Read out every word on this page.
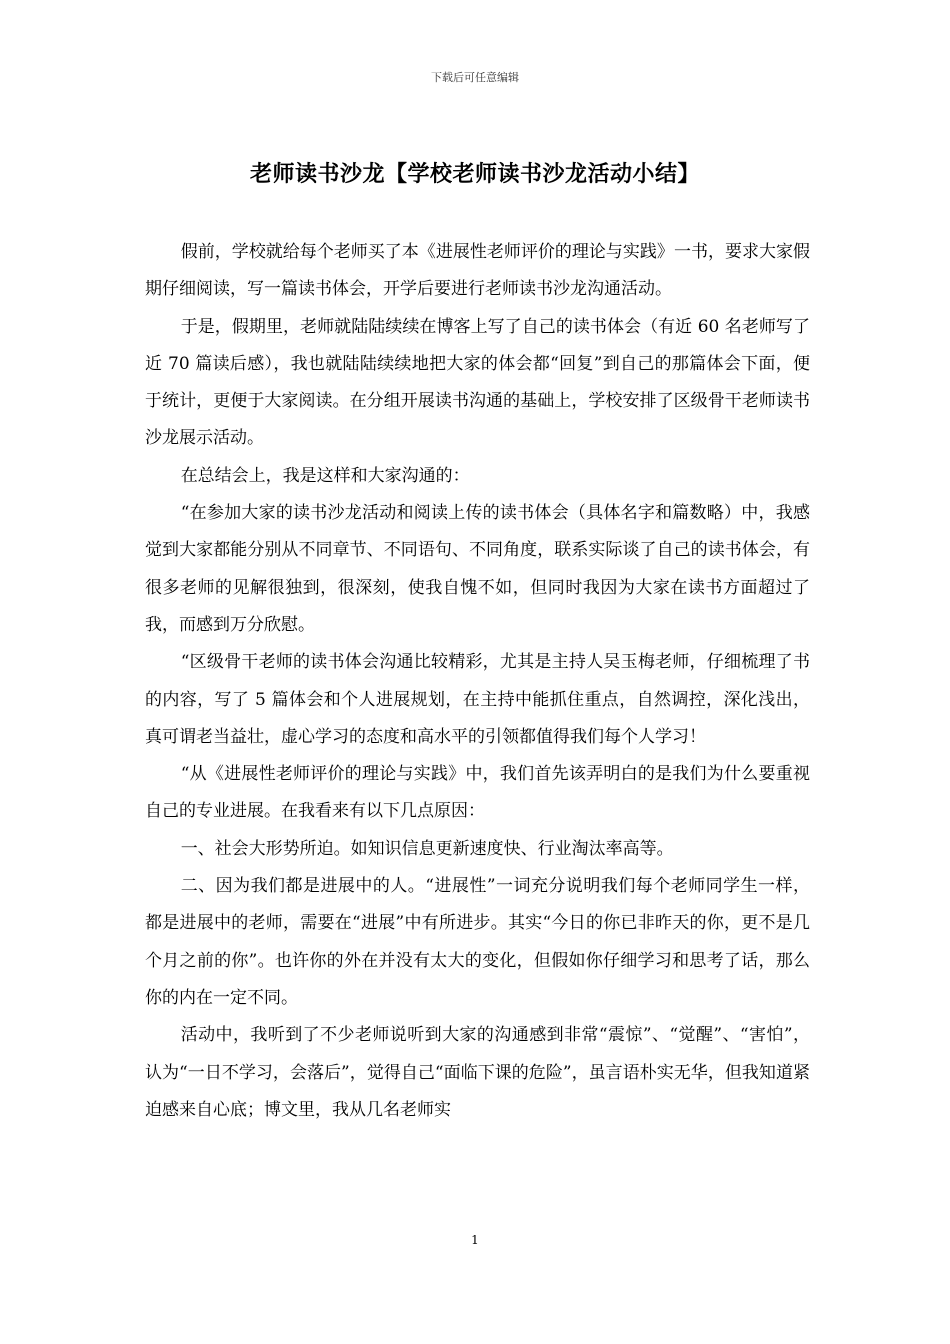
下载后可任意编辑
老师读书沙龙【学校老师读书沙龙活动小结】

假前，学校就给每个老师买了本《进展性老师评价的理论与实践》一书，要求大家假期仔细阅读，写一篇读书体会，开学后要进行老师读书沙龙沟通活动。

于是，假期里，老师就陆陆续续在博客上写了自己的读书体会（有近 60 名老师写了近 70 篇读后感），我也就陆陆续续地把大家的体会都“回复”到自己的那篇体会下面，便于统计，更便于大家阅读。在分组开展读书沟通的基础上，学校安排了区级骨干老师读书沙龙展示活动。

在总结会上，我是这样和大家沟通的：

“在参加大家的读书沙龙活动和阅读上传的读书体会（具体名字和篇数略）中，我感觉到大家都能分别从不同章节、不同语句、不同角度，联系实际谈了自己的读书体会，有很多老师的见解很独到，很深刻，使我自愧不如，但同时我因为大家在读书方面超过了我，而感到万分欣慰。

“区级骨干老师的读书体会沟通比较精彩，尤其是主持人吴玉梅老师，仔细梳理了书的内容，写了 5 篇体会和个人进展规划，在主持中能抓住重点，自然调控，深化浅出，真可谓老当益壮，虚心学习的态度和高水平的引领都值得我们每个人学习！

“从《进展性老师评价的理论与实践》中，我们首先该弄明白的是我们为什么要重视自己的专业进展。在我看来有以下几点原因：

一、社会大形势所迫。如知识信息更新速度快、行业淘汰率高等。

二、因为我们都是进展中的人。“进展性”一词充分说明我们每个老师同学生一样，都是进展中的老师，需要在“进展”中有所进步。其实“今日的你已非昨天的你，更不是几个月之前的你”。也许你的外在并没有太大的变化，但假如你仔细学习和思考了话，那么你的内在一定不同。

活动中，我听到了不少老师说听到大家的沟通感到非常“震惊”、“觉醒”、“害怕”，认为“一日不学习，会落后”，觉得自己“面临下课的危险”，虽言语朴实无华，但我知道紧迫感来自心底；博文里，我从几名老师实

1
